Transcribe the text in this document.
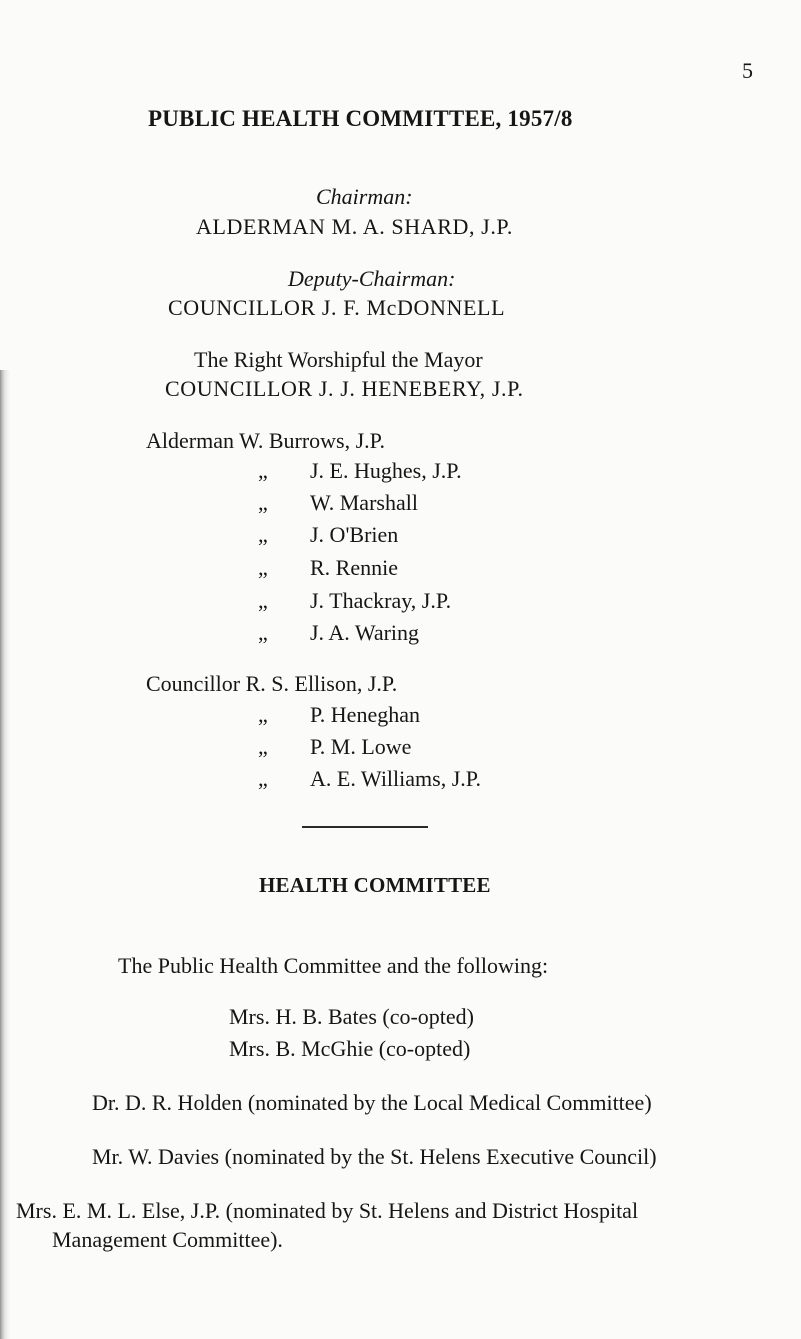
5
PUBLIC HEALTH COMMITTEE, 1957/8
Chairman:
ALDERMAN M. A. SHARD, J.P.
Deputy-Chairman:
COUNCILLOR J. F. McDONNELL
The Right Worshipful the Mayor
COUNCILLOR J. J. HENEBERY, J.P.
Alderman W. Burrows, J.P.
„ J. E. Hughes, J.P.
„ W. Marshall
„ J. O'Brien
„ R. Rennie
„ J. Thackray, J.P.
„ J. A. Waring
Councillor R. S. Ellison, J.P.
„ P. Heneghan
„ P. M. Lowe
„ A. E. Williams, J.P.
HEALTH COMMITTEE
The Public Health Committee and the following:
Mrs. H. B. Bates (co-opted)
Mrs. B. McGhie (co-opted)
Dr. D. R. Holden (nominated by the Local Medical Committee)
Mr. W. Davies (nominated by the St. Helens Executive Council)
Mrs. E. M. L. Else, J.P. (nominated by St. Helens and District Hospital
Management Committee).
